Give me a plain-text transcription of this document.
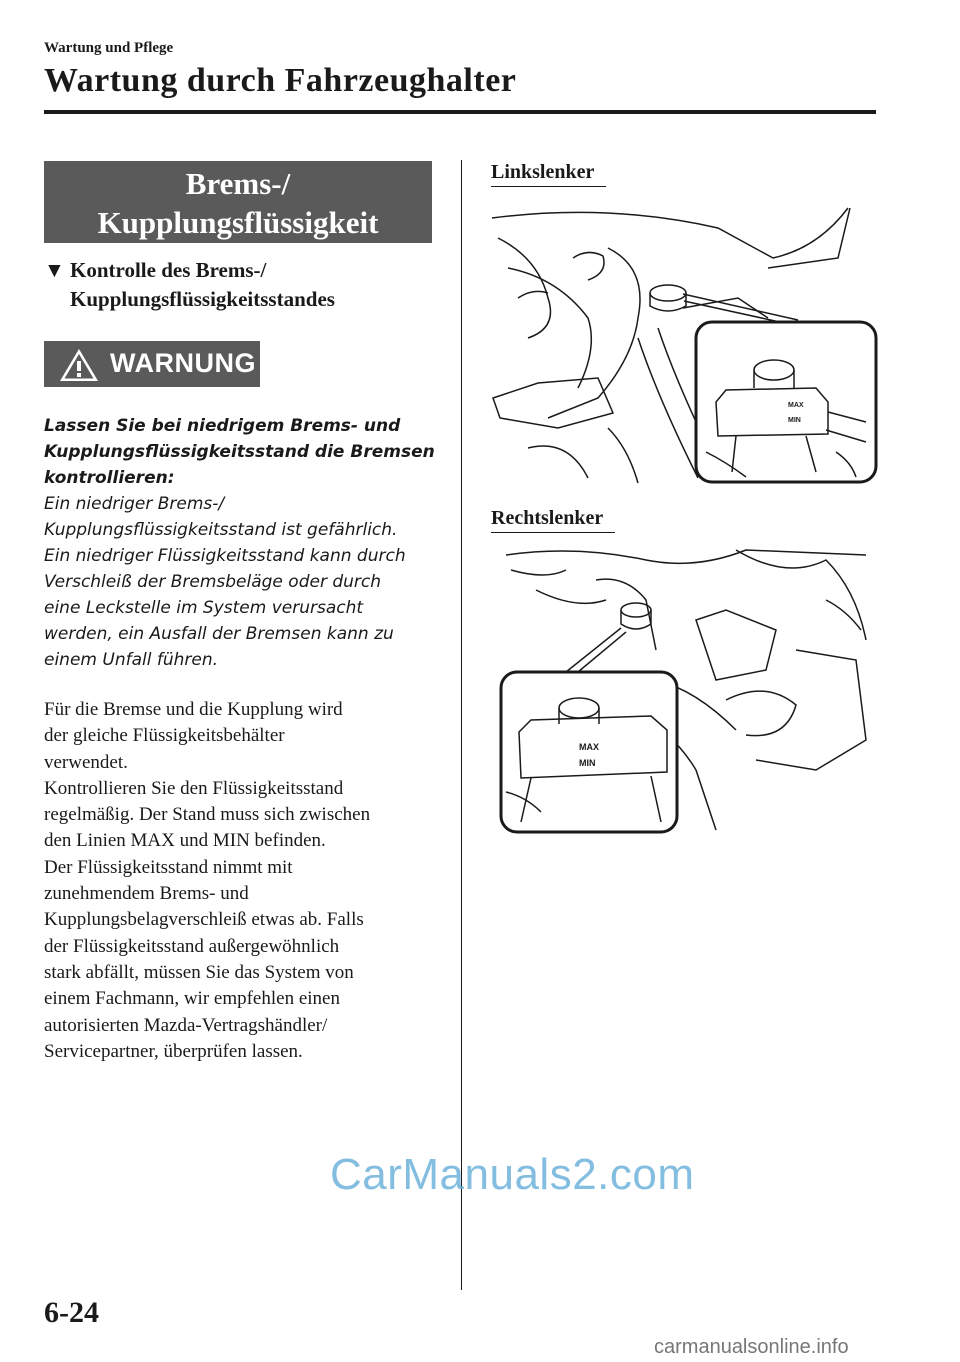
Wartung und Pflege
Wartung durch Fahrzeughalter
Brems-/
Kupplungsflüssigkeit
▼ Kontrolle des Brems-/
Kupplungsflüssigkeitsstandes
WARNUNG
Lassen Sie bei niedrigem Brems- und
Kupplungsflüssigkeitsstand die Bremsen
kontrollieren:
Ein niedriger Brems-/
Kupplungsflüssigkeitsstand ist gefährlich.
Ein niedriger Flüssigkeitsstand kann durch
Verschleiß der Bremsbeläge oder durch
eine Leckstelle im System verursacht
werden, ein Ausfall der Bremsen kann zu
einem Unfall führen.
Für die Bremse und die Kupplung wird
der gleiche Flüssigkeitsbehälter
verwendet.
Kontrollieren Sie den Flüssigkeitsstand
regelmäßig. Der Stand muss sich zwischen
den Linien MAX und MIN befinden.
Der Flüssigkeitsstand nimmt mit
zunehmendem Brems- und
Kupplungsbelagverschleiß etwas ab. Falls
der Flüssigkeitsstand außergewöhnlich
stark abfällt, müssen Sie das System von
einem Fachmann, wir empfehlen einen
autorisierten Mazda-Vertragshändler/
Servicepartner, überprüfen lassen.
Linkslenker
MAX
MIN
Rechtslenker
MAX
MIN
CarManuals2.com
6-24
carmanualsonline.info
